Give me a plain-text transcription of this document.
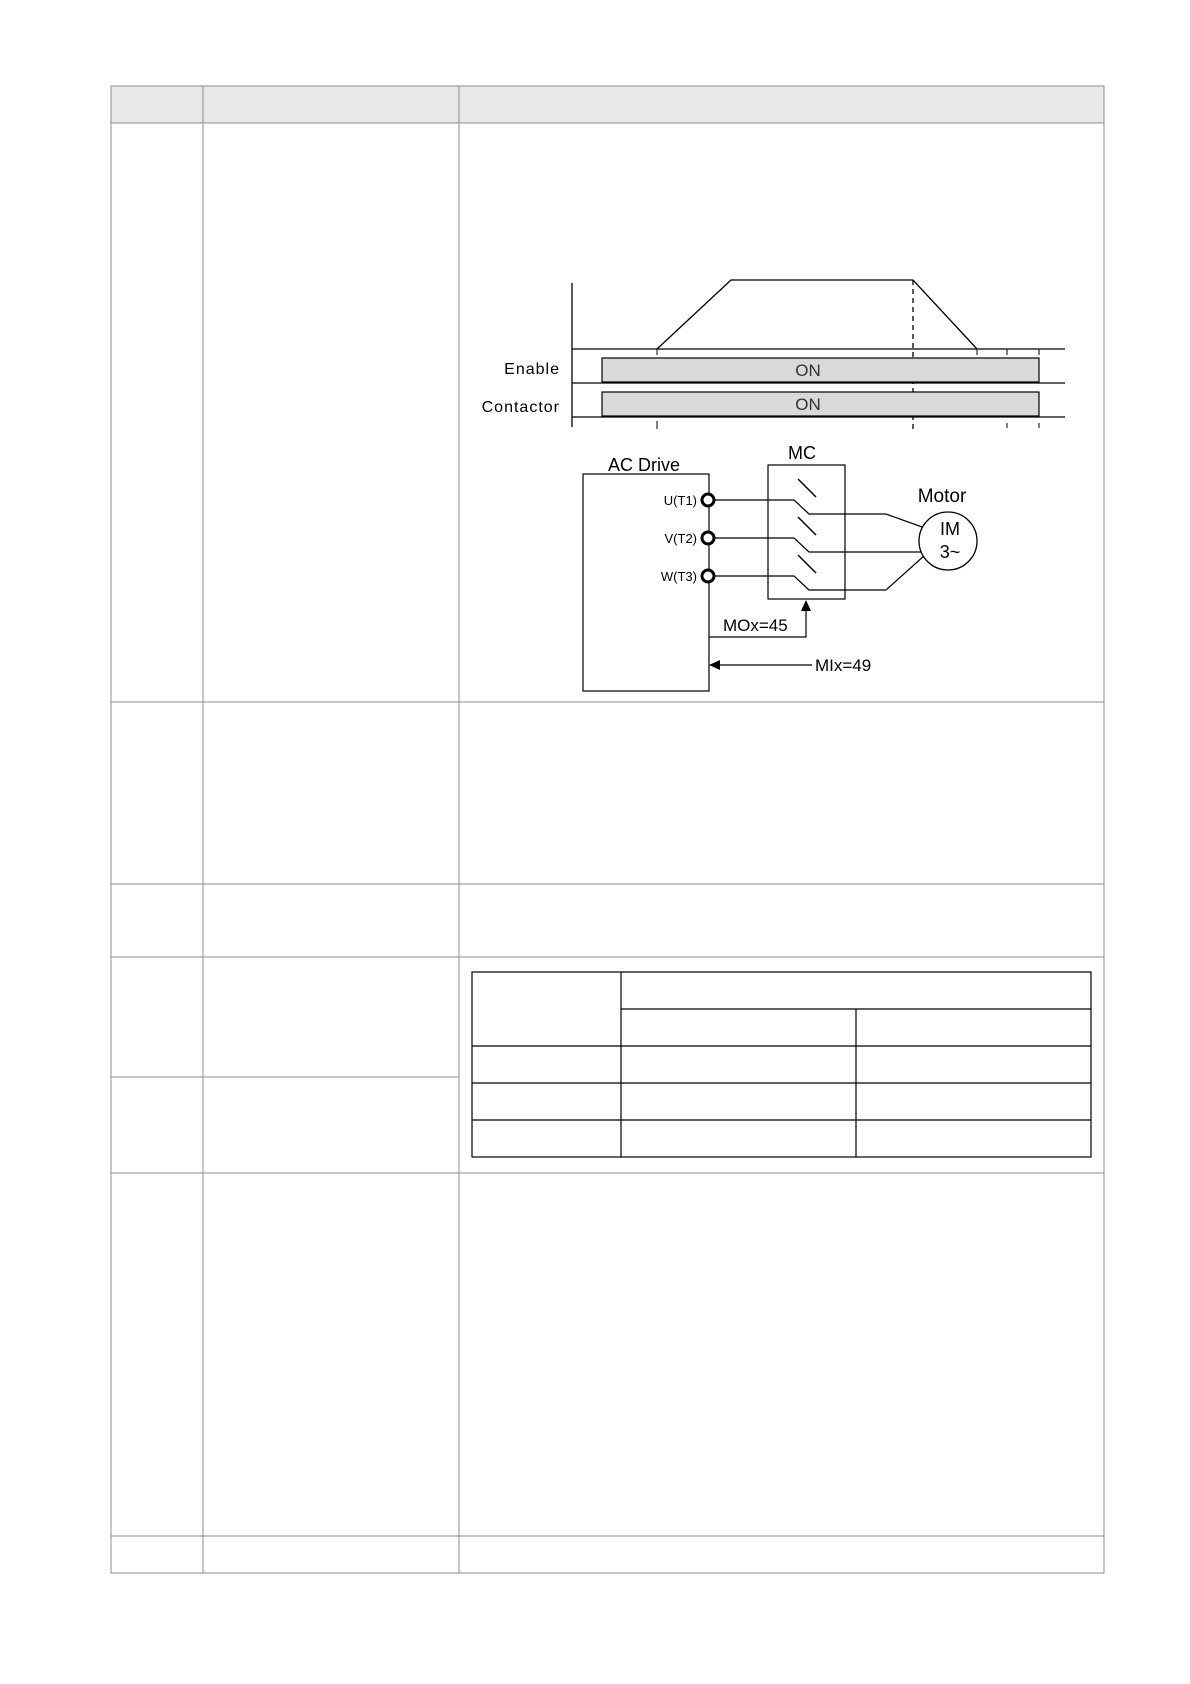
Enable
Contactor
ON
ON
AC Drive
U(T1)
V(T2)
W(T3)
MC
Motor
IM
3~
MOx=45
MIx=49
